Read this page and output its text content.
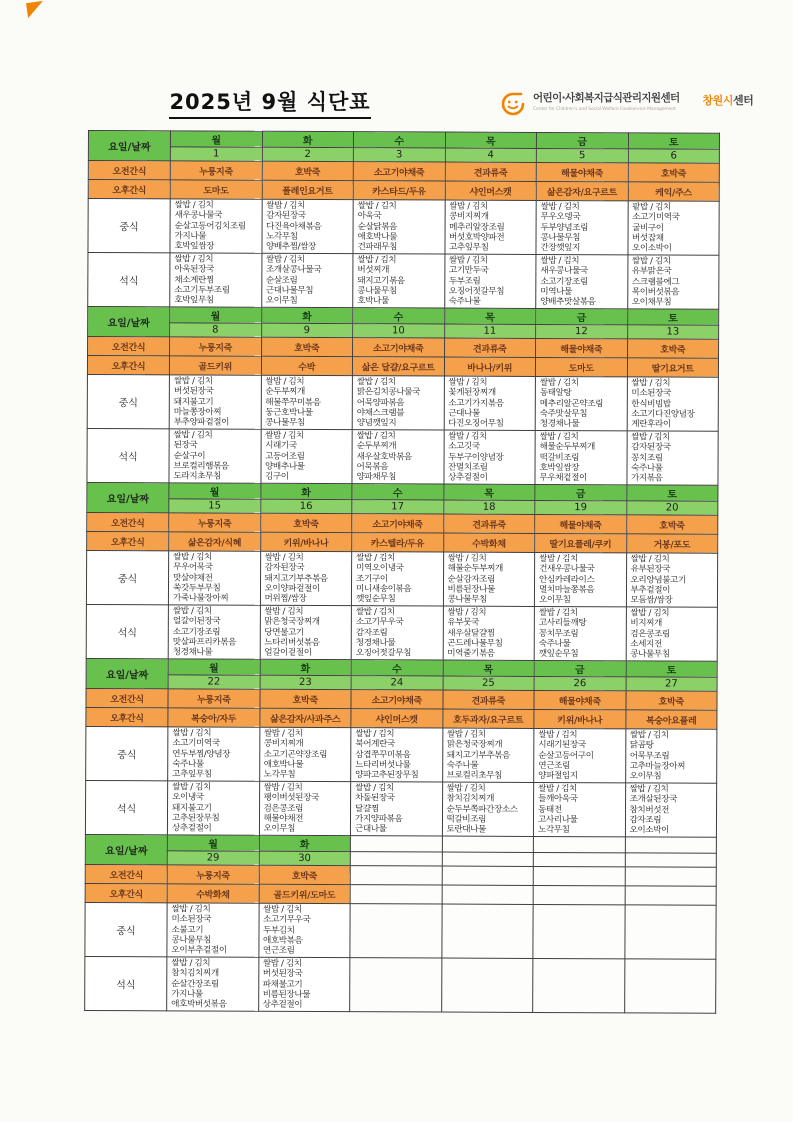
2025년 9월 식단표	어린이·사회복지급식관리지원센터
Center for Children's and Social Welfare Foodservice Management
창원시센터
요일/날짜	월	화	수	목	금	토
	1	2	3	4	5	6
오전간식	누룽지죽	호박죽	소고기야채죽	견과류죽	해물야채죽	호박죽
오후간식	도마도	플레인요거트	카스타드/두유	샤인머스캣	삶은감자/요구르트	케익/주스
중식	
쌀밥 / 김치
새우콩나물국
순살고등어김치조림
가지나물
호박잎쌈장

쌀밥 / 김치
감자된장국
다진육아채볶음
노각무침
양배추찜/쌈장

쌀밥 / 김치
아욱국
순살닭볶음
애호박나물
건파래무침

쌀밥 / 김치
콩비지찌개
메추리알장조림
버섯호박양파전
고추잎무침

쌀밥 / 김치
무우오뎅국
두부양념조림
콩나물무침
간장깻잎지

팥밥 / 김치
소고기미역국
굴비구이
버섯잡채
오이소박이

석식	
쌀밥 / 김치
아욱된장국
채소계란찜
소고기두부조림
호박잎무침

쌀밥 / 김치
조개살콩나물국
순살조림
근대나물무침
오이무침

쌀밥 / 김치
버섯찌개
돼지고기볶음
콩나물무침
호박나물

쌀밥 / 김치
고기만두국
두부조림
오징어젓갈무침
숙주나물

쌀밥 / 김치
새우콩나물국
소고기장조림
미역나물
양배추맛살볶음

쌀밥 / 김치
유부맑은국
스크램블에그
목이버섯볶음
오이채무침

요일/날짜	월	화	수	목	금	토
	8	9	10	11	12	13
오전간식	누룽지죽	호박죽	소고기야채죽	견과류죽	해물야채죽	호박죽
오후간식	골드키위	수박	삶은 달걀/요구르트	바나나/키위	도마도	딸기요거트
중식	
쌀밥 / 김치
버섯된장국
돼지불고기
마늘쫑장아찌
부추양파겉절이

쌀밥 / 김치
순두부찌개
해물쭈꾸미볶음
둥근호박나물
콩나물무침

쌀밥 / 김치
맑은김치콩나물국
어묵양파볶음
야채스크램블
양념깻잎지

쌀밥 / 김치
꽃게된장찌개
소고기가지볶음
근대나물
다진오징어무침

쌀밥 / 김치
동태알탕
메추리알곤약조림
숙주맛살무침
청경채나물

쌀밥 / 김치
미소된장국
한식비빔밥
소고기다진양념장
계란후라이

석식	
쌀밥 / 김치
된장국
순살구이
브로컬리햄볶음
도라지초무침

쌀밥 / 김치
시래기국
고등어조림
양배추나물
김구이

쌀밥 / 김치
순두부찌개
새우살호박볶음
어묵볶음
양파채무침

쌀밥 / 김치
소고깃국
두부구이양념장
잔멸치조림
상추겉절이

쌀밥 / 김치
해물순두부찌개
떡갈비조림
호박잎쌈장
무우채겉절이

쌀밥 / 김치
감자된장국
꽁치조림
숙주나물
가지볶음

요일/날짜	월	화	수	목	금	토
	15	16	17	18	19	20
오전간식	누룽지죽	호박죽	소고기야채죽	견과류죽	해물야채죽	호박죽
오후간식	삶은감자/식혜	키위/바나나	카스텔라/두유	수박화채	딸기요플레/쿠키	거봉/포도
중식	
쌀밥 / 김치
무우어묵국
맛살야채전
쑥갓두부무침
가죽나물장아찌

쌀밥 / 김치
감자된장국
돼지고기부추볶음
오이양파겉절이
머위찜/쌈장

쌀밥 / 김치
미역오이냉국
조기구이
미니새송이볶음
깻잎순무침

쌀밥 / 김치
해물순두부찌개
순살감자조림
비름된장나물
콩나물무침

쌀밥 / 김치
건새우콩나물국
안심카레라이스
멸치마늘쫑볶음
오이무침

쌀밥 / 김치
유부된장국
오리양념불고기
부추겉절이
모듬쌈/쌈장

석식	
쌀밥 / 김치
얼갈이된장국
소고기장조림
맛살파프리카볶음
청경채나물

쌀밥 / 김치
맑은청국장찌개
당면불고기
느타리버섯볶음
얼갈이겉절이

쌀밥 / 김치
소고기무우국
감자조림
청경채나물
오징어젓갈무침

쌀밥 / 김치
유부뭇국
새우살달걀찜
곤드레나물무침
미역줄기볶음

쌀밥 / 김치
고사리들깨탕
꽁치무조림
숙주나물
깻잎순무침

쌀밥 / 김치
비지찌개
검은콩조림
소세지전
콩나물무침

요일/날짜	월	화	수	목	금	토
	22	23	24	25	26	27
오전간식	누룽지죽	호박죽	소고기야채죽	견과류죽	해물야채죽	호박죽
오후간식	복숭아/자두	삶은감자/사과주스	샤인머스캣	호두과자/요구르트	키위/바나나	복숭아요플레
중식	
쌀밥 / 김치
소고기미역국
연두부찜/양념장
숙주나물
고추잎무침

쌀밥 / 김치
콩비지찌개
소고기곤약장조림
애호박나물
노각무침

쌀밥 / 김치
북어계란국
삼겹쭈꾸미볶음
느타리버섯나물
양파고추된장무침

쌀밥 / 김치
맑은청국장찌개
돼지고기부추볶음
숙주나물
브로컬리초무침

쌀밥 / 김치
시래기된장국
순살고등어구이
연근조림
양파절임지

쌀밥 / 김치
닭곰탕
어묵무조림
고추마늘장아찌
오이무침

석식	
쌀밥 / 김치
오이냉국
돼지불고기
고추된장무침
상추겉절이

쌀밥 / 김치
팽이버섯된장국
검은콩조림
해물야채전
오이무침

쌀밥 / 김치
차돌된장국
달걀찜
가지양파볶음
근대나물

쌀밥 / 김치
참치김치찌개
순두부쪽파간장소스
떡갈비조림
토란대나물

쌀밥 / 김치
들깨아욱국
동태전
고사리나물
노각무침

쌀밥 / 김치
조개살된장국
참치버섯전
감자조림
오이소박이

요일/날짜	월	화				
	29	30				
오전간식	누룽지죽	호박죽				
오후간식	수박화채	골드키위/도마도				
중식	
쌀밥 / 김치
미소된장국
소불고기
콩나물무침
오이부추겉절이

쌀밥 / 김치
소고기무우국
두부김치
애호박볶음
연근조림

석식	
쌀밥 / 김치
참치김치찌개
순살간장조림
가지나물
애호박버섯볶음

쌀밥 / 김치
버섯된장국
파채불고기
비름된장나물
상추겉절이
